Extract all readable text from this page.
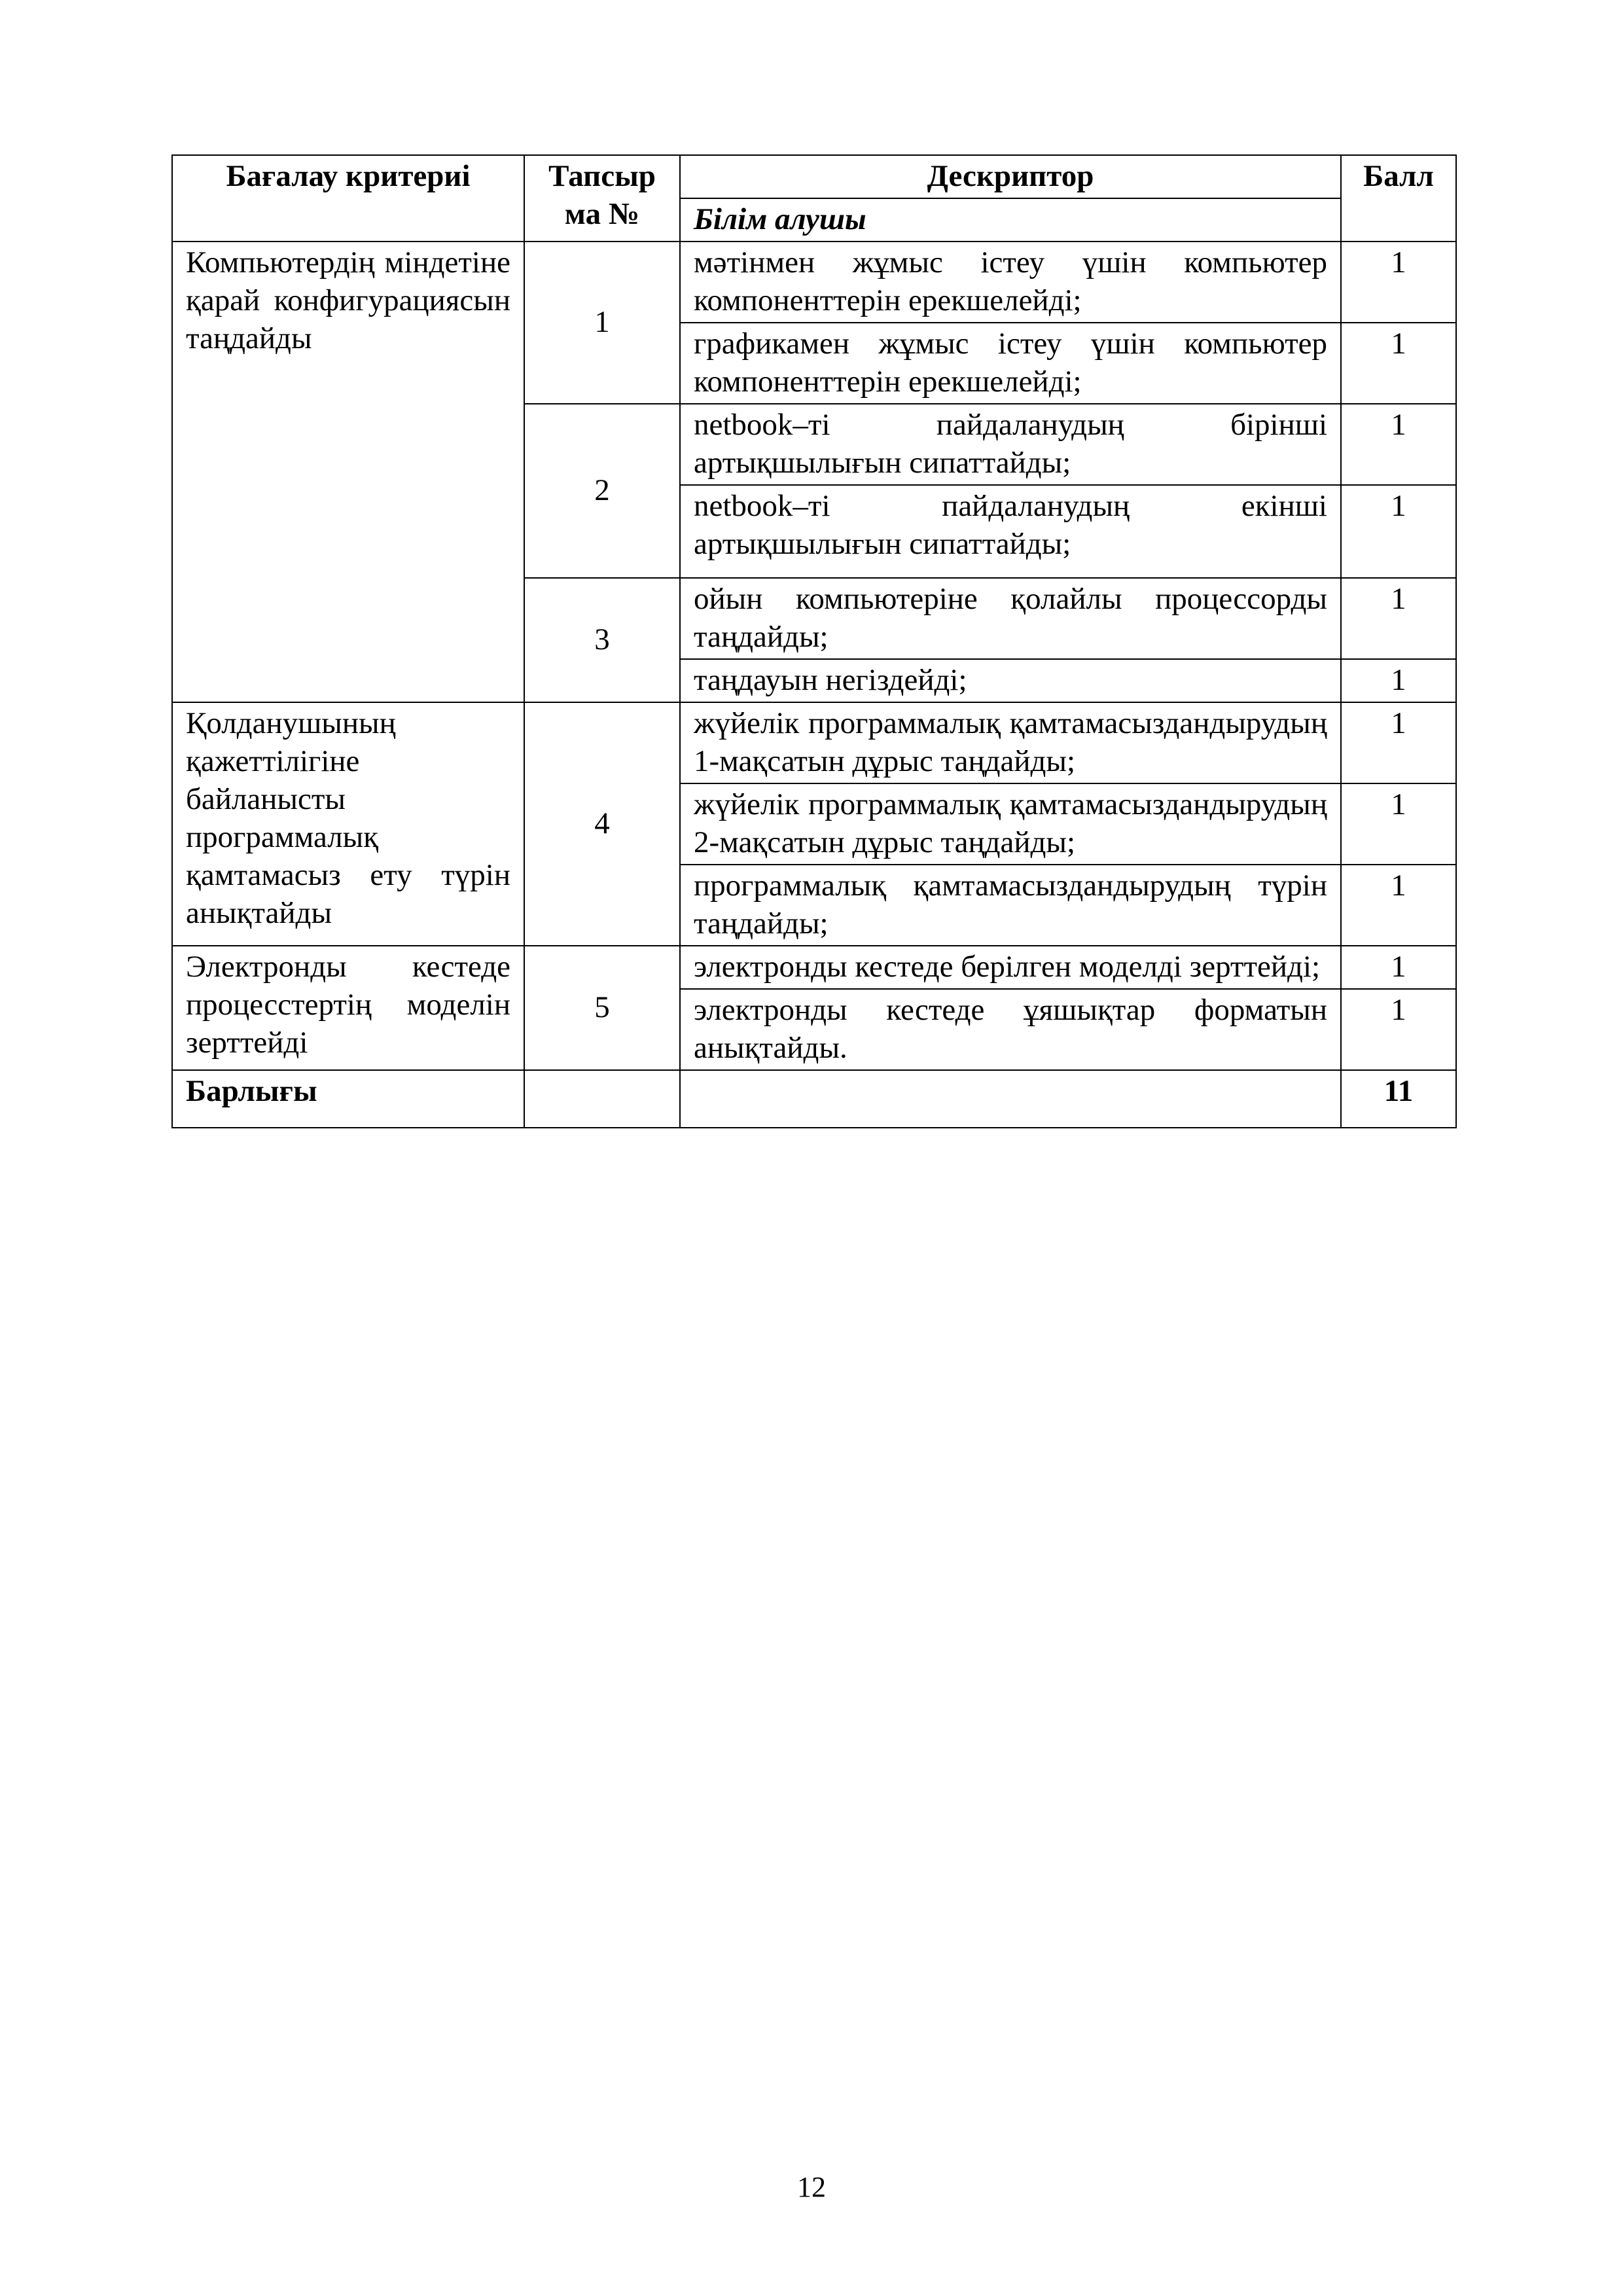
Бағалау критериі	Тапсыр ма №	Дескриптор	Балл
		Білім алушы	
Компьютердің міндетіне қарай конфигурациясын таңдайды	1	мәтінмен жұмыс істеу үшін компьютер компоненттерін ерекшелейді;	1
		графикамен жұмыс істеу үшін компьютер компоненттерін ерекшелейді;	1
	2	netbook–ті пайдаланудың бірінші артықшылығын сипаттайды;	1
		netbook–ті пайдаланудың екінші артықшылығын сипаттайды;	1
	3	ойын компьютеріне қолайлы процессорды таңдайды;	1
		таңдауын негіздейді;	1
Қолданушының қажеттілігіне байланысты программалық қамтамасыз ету түрін анықтайды	4	жүйелік программалық қамтамасыздандырудың 1-мақсатын дұрыс таңдайды;	1
		жүйелік программалық қамтамасыздандырудың 2-мақсатын дұрыс таңдайды;	1
		программалық қамтамасыздандырудың түрін таңдайды;	1
Электронды кестеде процесстертің моделін зерттейді	5	электронды кестеде берілген моделді зерттейді;	1
		электронды кестеде ұяшықтар форматын анықтайды.	1
Барлығы			11
12
